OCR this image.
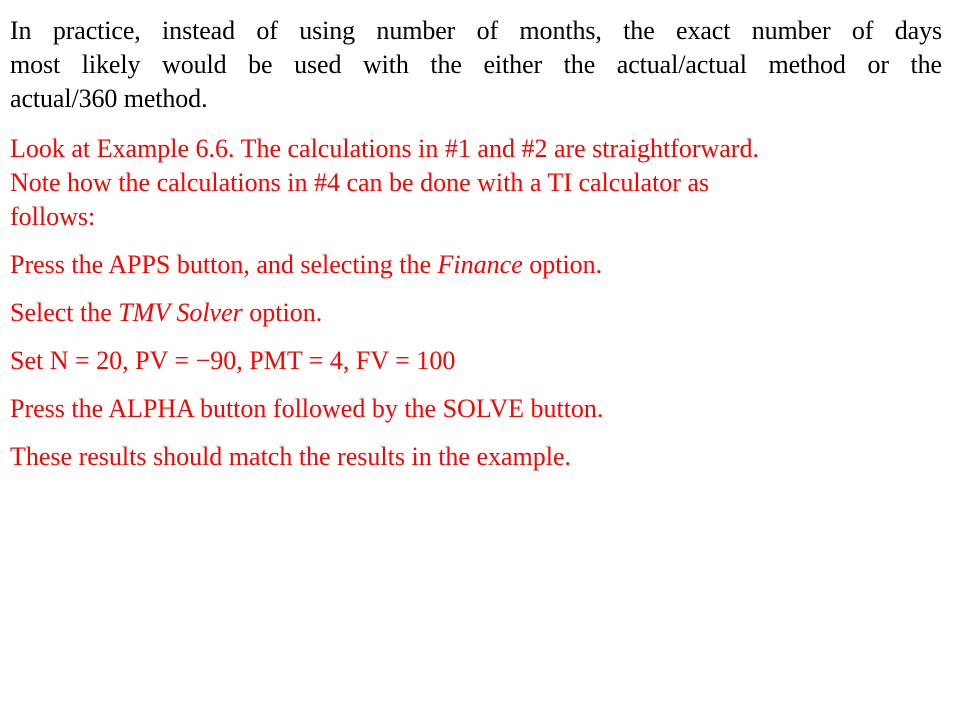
In practice, instead of using number of months, the exact number of days
most likely would be used with the either the actual/actual method or the
actual/360 method.

Look at Example 6.6. The calculations in #1 and #2 are straightforward.
Note how the calculations in #4 can be done with a TI calculator as
follows:

Press the APPS button, and selecting the Finance option.

Select the TMV Solver option.

Set N = 20, PV = −90, PMT = 4, FV = 100

Press the ALPHA button followed by the SOLVE button.

These results should match the results in the example.
